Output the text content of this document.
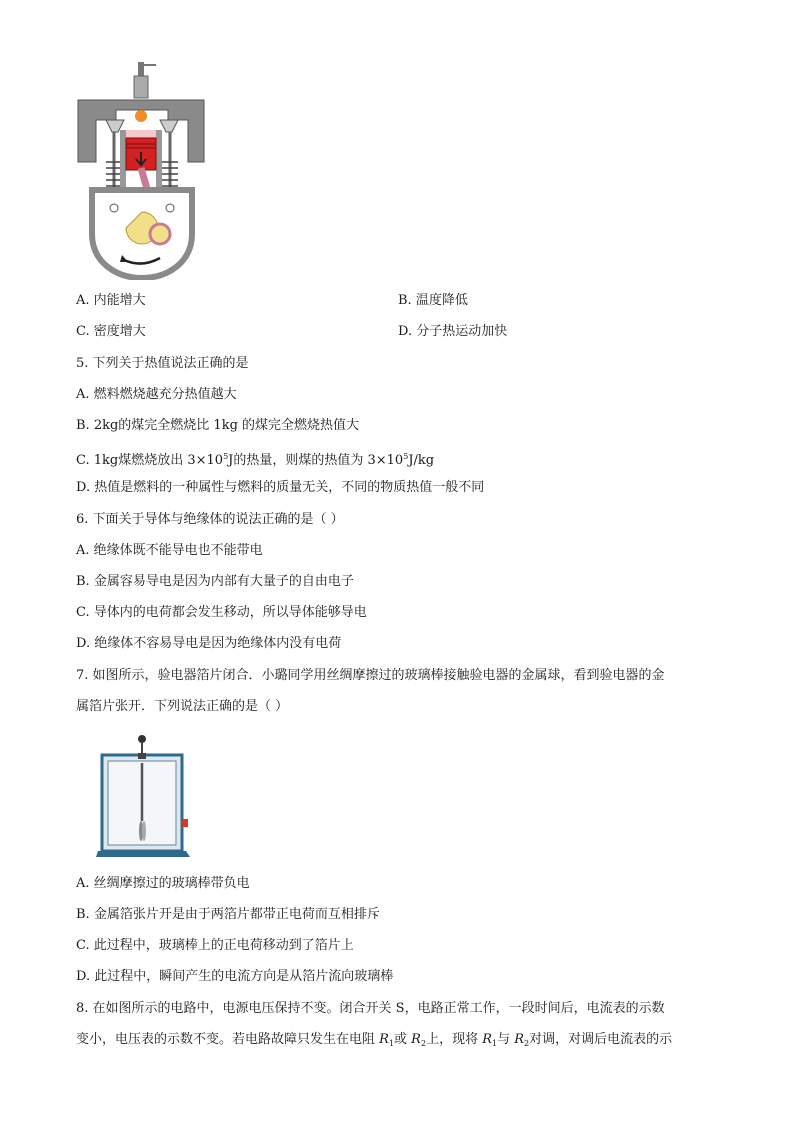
A. 内能增大	B. 温度降低
C. 密度增大	D. 分子热运动加快
5. 下列关于热值说法正确的是
A. 燃料燃烧越充分热值越大
B. 2kg的煤完全燃烧比 1kg 的煤完全燃烧热值大
C. 1kg煤燃烧放出 $3\times 10^5J$的热量，则煤的热值为 $3\times 10^5J/kg$
D. 热值是燃料的一种属性与燃料的质量无关，不同的物质热值一般不同
6. 下面关于导体与绝缘体的说法正确的是（ ）
A. 绝缘体既不能导电也不能带电
B. 金属容易导电是因为内部有大量子的自由电子
C. 导体内的电荷都会发生移动，所以导体能够导电
D. 绝缘体不容易导电是因为绝缘体内没有电荷
7. 如图所示，验电器箔片闭合．小璐同学用丝绸摩擦过的玻璃棒接触验电器的金属球，看到验电器的金
属箔片张开．下列说法正确的是（ ）
A. 丝绸摩擦过的玻璃棒带负电
B. 金属箔张片开是由于两箔片都带正电荷而互相排斥
C. 此过程中，玻璃棒上的正电荷移动到了箔片上
D. 此过程中，瞬间产生的电流方向是从箔片流向玻璃棒
8. 在如图所示的电路中，电源电压保持不变。闭合开关 S，电路正常工作，一段时间后，电流表的示数
变小，电压表的示数不变。若电路故障只发生在电阻 $R_1$或 $R_2$上，现将 $R_1$与 $R_2$对调，对调后电流表的示
